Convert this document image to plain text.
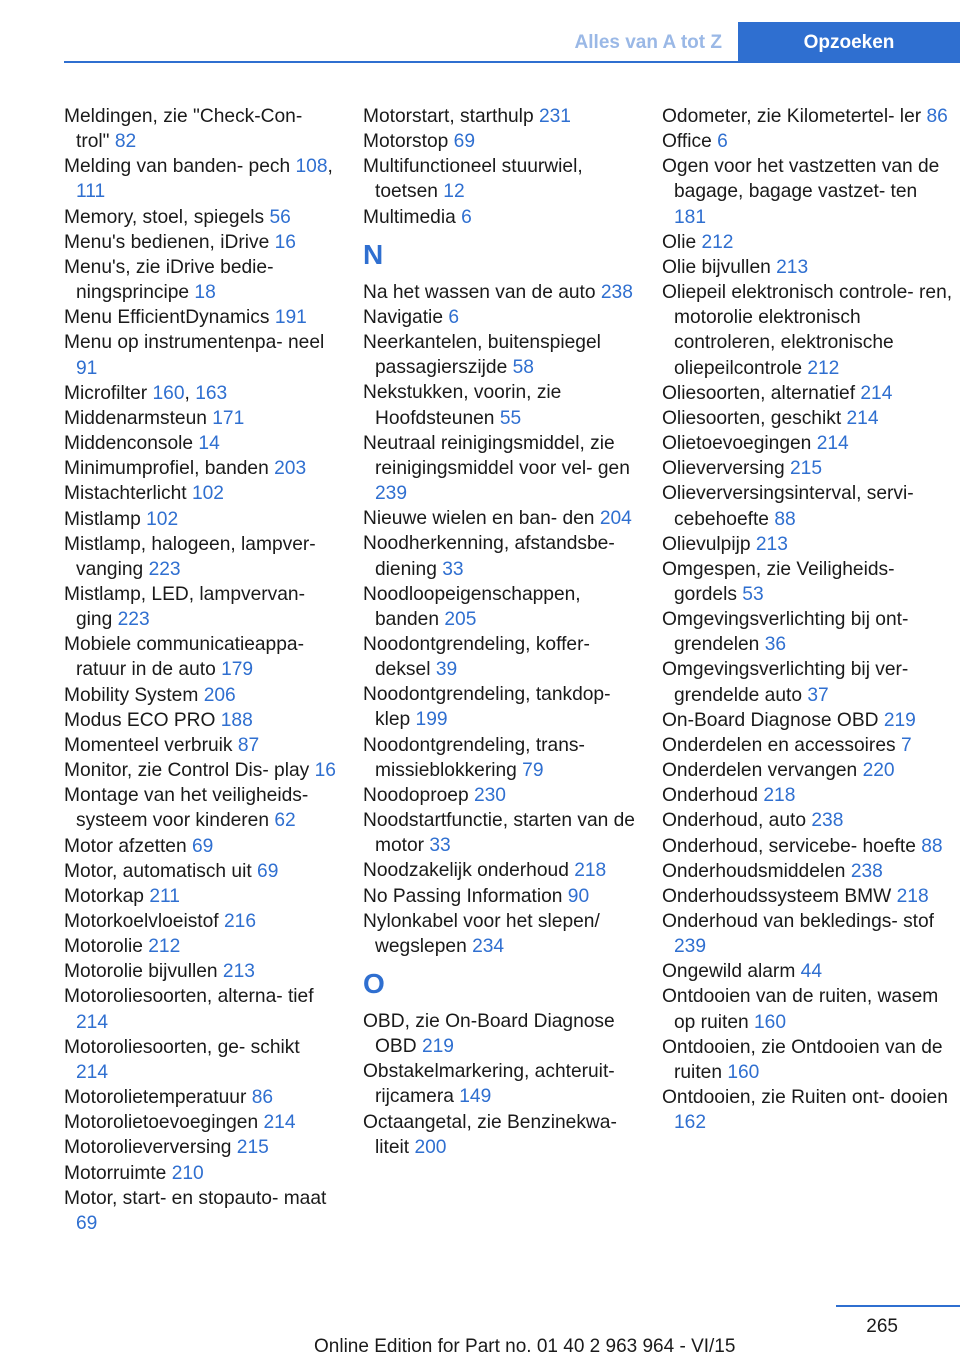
Alles van A tot Z	Opzoeken
Meldingen, zie "Check-Con- trol" 82
Melding van banden- pech 108, 111
Memory, stoel, spiegels 56
Menu's bedienen, iDrive 16
Menu's, zie iDrive bedie- ningsprincipe 18
Menu EfficientDynamics 191
Menu op instrumentenpa- neel 91
Microfilter 160, 163
Middenarmsteun 171
Middenconsole 14
Minimumprofiel, banden 203
Mistachterlicht 102
Mistlamp 102
Mistlamp, halogeen, lampver- vanging 223
Mistlamp, LED, lampvervan- ging 223
Mobiele communicatieappa- ratuur in de auto 179
Mobility System 206
Modus ECO PRO 188
Momenteel verbruik 87
Monitor, zie Control Dis- play 16
Montage van het veiligheids- systeem voor kinderen 62
Motor afzetten 69
Motor, automatisch uit 69
Motorkap 211
Motorkoelvloeistof 216
Motorolie 212
Motorolie bijvullen 213
Motoroliesoorten, alterna- tief 214
Motoroliesoorten, ge- schikt 214
Motorolietemperatuur 86
Motorolietoevoegingen 214
Motorolieverversing 215
Motorruimte 210
Motor, start- en stopauto- maat 69
Motorstart, starthulp 231
Motorstop 69
Multifunctioneel stuurwiel, toetsen 12
Multimedia 6
N
Na het wassen van de auto 238
Navigatie 6
Neerkantelen, buitenspiegel passagierszijde 58
Nekstukken, voorin, zie Hoofdsteunen 55
Neutraal reinigingsmiddel, zie reinigingsmiddel voor vel- gen 239
Nieuwe wielen en ban- den 204
Noodherkenning, afstandsbe- diening 33
Noodloopeigenschappen, banden 205
Noodontgrendeling, koffer- deksel 39
Noodontgrendeling, tankdop- klep 199
Noodontgrendeling, trans- missieblokkering 79
Noodoproep 230
Noodstartfunctie, starten van de motor 33
Noodzakelijk onderhoud 218
No Passing Information 90
Nylonkabel voor het slepen/ wegslepen 234
O
OBD, zie On-Board Diagnose OBD 219
Obstakelmarkering, achteruit- rijcamera 149
Octaangetal, zie Benzinekwa- liteit 200
Odometer, zie Kilometertel- ler 86
Office 6
Ogen voor het vastzetten van de bagage, bagage vastzet- ten 181
Olie 212
Olie bijvullen 213
Oliepeil elektronisch controle- ren, motorolie elektronisch controleren, elektronische oliepeilcontrole 212
Oliesoorten, alternatief 214
Oliesoorten, geschikt 214
Olietoevoegingen 214
Olieverversing 215
Olieverversingsinterval, servi- cebehoefte 88
Olievulpijp 213
Omgespen, zie Veiligheids- gordels 53
Omgevingsverlichting bij ont- grendelen 36
Omgevingsverlichting bij ver- grendelde auto 37
On-Board Diagnose OBD 219
Onderdelen en accessoires 7
Onderdelen vervangen 220
Onderhoud 218
Onderhoud, auto 238
Onderhoud, servicebe- hoefte 88
Onderhoudsmiddelen 238
Onderhoudssysteem BMW 218
Onderhoud van bekledings- stof 239
Ongewild alarm 44
Ontdooien van de ruiten, wasem op ruiten 160
Ontdooien, zie Ontdooien van de ruiten 160
Ontdooien, zie Ruiten ont- dooien 162
265
Online Edition for Part no. 01 40 2 963 964 - VI/15
